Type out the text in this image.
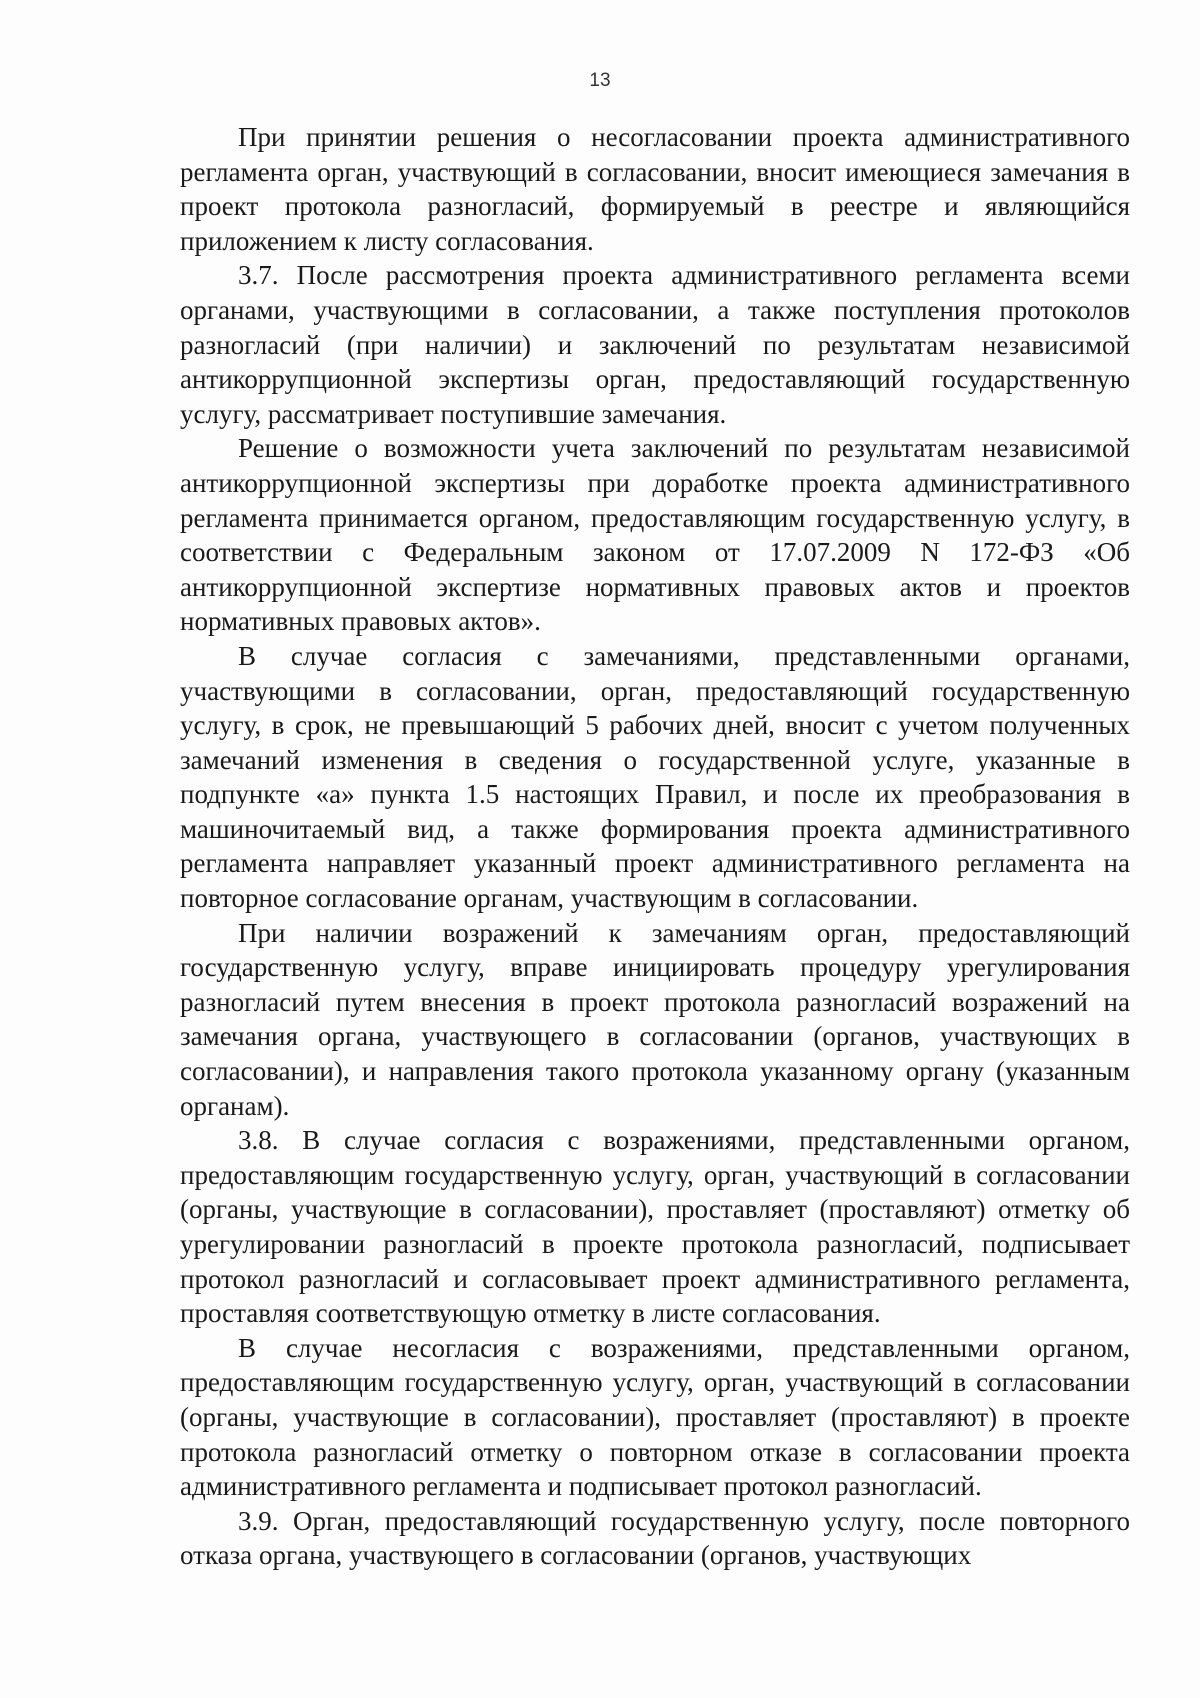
13

При принятии решения о несогласовании проекта административного регламента орган, участвующий в согласовании, вносит имеющиеся замечания в проект протокола разногласий, формируемый в реестре и являющийся приложением к листу согласования.

3.7. После рассмотрения проекта административного регламента всеми органами, участвующими в согласовании, а также поступления протоколов разногласий (при наличии) и заключений по результатам независимой антикоррупционной экспертизы орган, предоставляющий государственную услугу, рассматривает поступившие замечания.

Решение о возможности учета заключений по результатам независимой антикоррупционной экспертизы при доработке проекта административного регламента принимается органом, предоставляющим государственную услугу, в соответствии с Федеральным законом от 17.07.2009 N 172-ФЗ «Об антикоррупционной экспертизе нормативных правовых актов и проектов нормативных правовых актов».

В случае согласия с замечаниями, представленными органами, участвующими в согласовании, орган, предоставляющий государственную услугу, в срок, не превышающий 5 рабочих дней, вносит с учетом полученных замечаний изменения в сведения о государственной услуге, указанные в подпункте «а» пункта 1.5 настоящих Правил, и после их преобразования в машиночитаемый вид, а также формирования проекта административного регламента направляет указанный проект административного регламента на повторное согласование органам, участвующим в согласовании.

При наличии возражений к замечаниям орган, предоставляющий государственную услугу, вправе инициировать процедуру урегулирования разногласий путем внесения в проект протокола разногласий возражений на замечания органа, участвующего в согласовании (органов, участвующих в согласовании), и направления такого протокола указанному органу (указанным органам).

3.8. В случае согласия с возражениями, представленными органом, предоставляющим государственную услугу, орган, участвующий в согласовании (органы, участвующие в согласовании), проставляет (проставляют) отметку об урегулировании разногласий в проекте протокола разногласий, подписывает протокол разногласий и согласовывает проект административного регламента, проставляя соответствующую отметку в листе согласования.

В случае несогласия с возражениями, представленными органом, предоставляющим государственную услугу, орган, участвующий в согласовании (органы, участвующие в согласовании), проставляет (проставляют) в проекте протокола разногласий отметку о повторном отказе в согласовании проекта административного регламента и подписывает протокол разногласий.

3.9. Орган, предоставляющий государственную услугу, после повторного отказа органа, участвующего в согласовании (органов, участвующих
